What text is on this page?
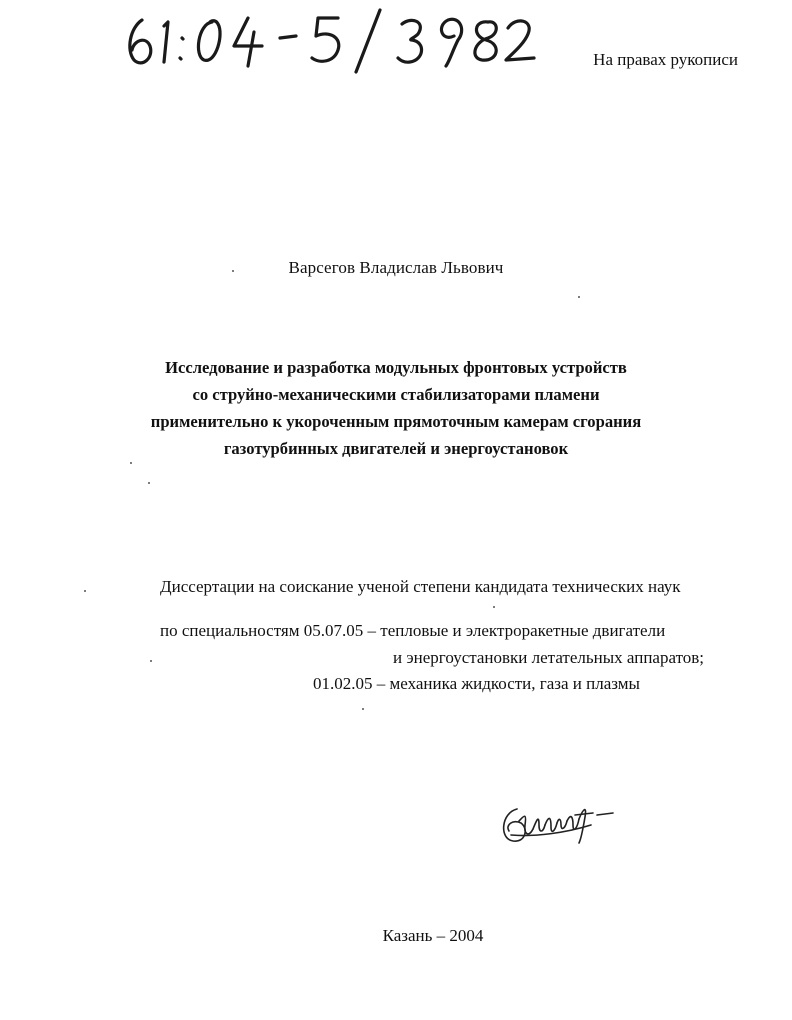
На правах рукописи
Варсегов Владислав Львович
Исследование и разработка модульных фронтовых устройств
со струйно-механическими стабилизаторами пламени
применительно к укороченным прямоточным камерам сгорания
газотурбинных двигателей и энергоустановок
Диссертации на соискание ученой степени кандидата технических наук
по специальностям 05.07.05 – тепловые и электроракетные двигатели
и энергоустановки летательных аппаратов;
01.02.05 – механика жидкости, газа и плазмы
Казань – 2004
